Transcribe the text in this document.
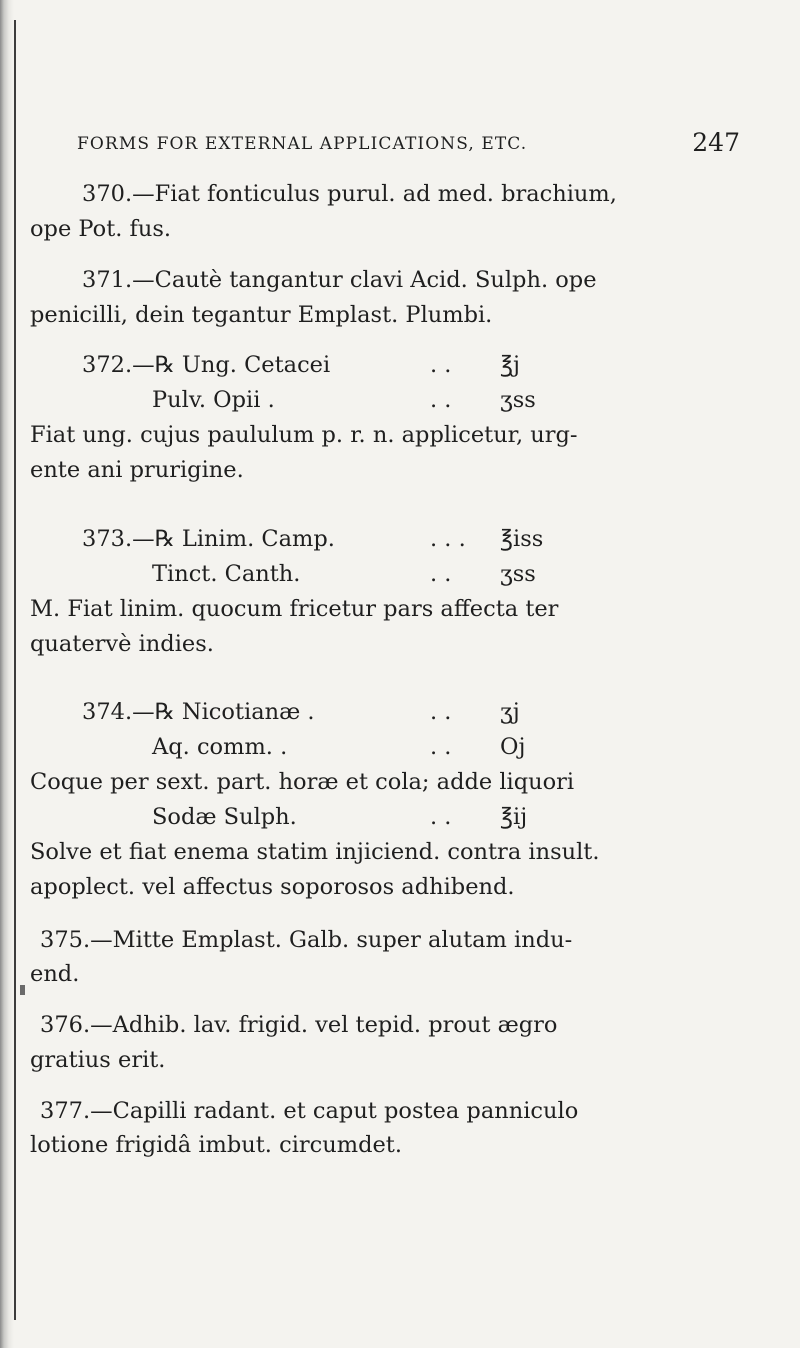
FORMS FOR EXTERNAL APPLICATIONS, ETC.	247
370.—Fiat fonticulus purul. ad med. brachium,
ope Pot. fus.
371.—Cautè tangantur clavi Acid. Sulph. ope
penicilli, dein tegantur Emplast. Plumbi.
372.—℞ Ung. Cetacei	. . ℥j
Pulv. Opii .	. . ʒss
Fiat ung. cujus paululum p. r. n. applicetur, urg-
ente ani prurigine.
373.—℞ Linim. Camp.	. . . ℥iss
Tinct. Canth.	. . ʒss
M. Fiat linim. quocum fricetur pars affecta ter
quatervè indies.
374.—℞ Nicotianæ .	. . ʒj
Aq. comm. .	. . Oj
Coque per sext. part. horæ et cola; adde liquori
Sodæ Sulph.	. . ℥ij
Solve et fiat enema statim injiciend. contra insult.
apoplect. vel affectus soporosos adhibend.
375.—Mitte Emplast. Galb. super alutam indu-
end.
376.—Adhib. lav. frigid. vel tepid. prout ægro
gratius erit.
377.—Capilli radant. et caput postea panniculo
lotione frigidâ imbut. circumdet.
